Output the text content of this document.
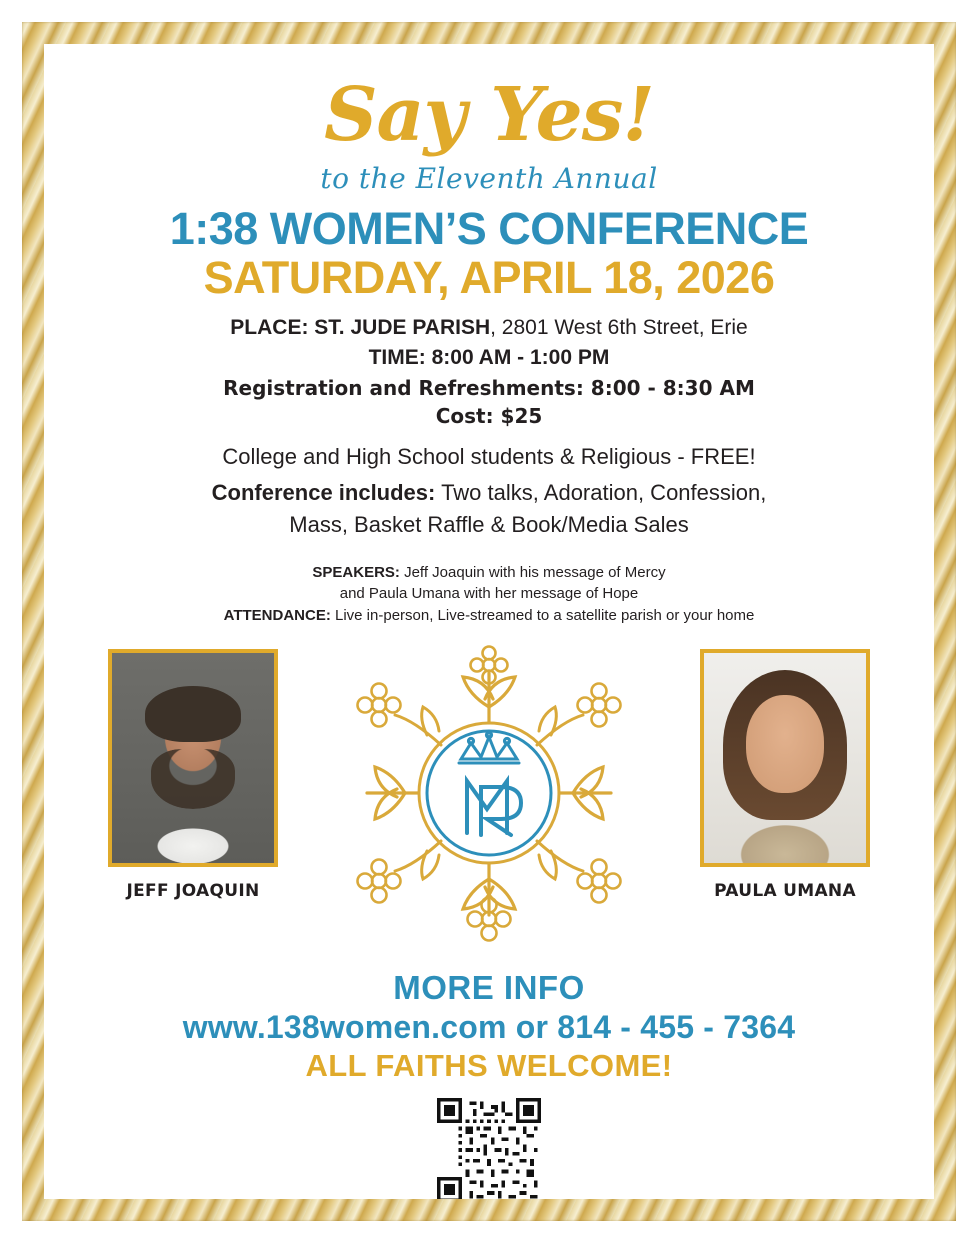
Say Yes!
to the Eleventh Annual
1:38 WOMEN’S CONFERENCE
SATURDAY, APRIL 18, 2026
PLACE: ST. JUDE PARISH, 2801 West 6th Street, Erie
TIME: 8:00 AM - 1:00 PM
Registration and Refreshments: 8:00 - 8:30 AM
Cost: $25
College and High School students & Religious - FREE!
Conference includes: Two talks, Adoration, Confession,
Mass, Basket Raffle & Book/Media Sales
SPEAKERS: Jeff Joaquin with his message of Mercy
and Paula Umana with her message of Hope
ATTENDANCE: Live in-person, Live-streamed to a satellite parish or your home
JEFF JOAQUIN	PAULA UMANA
MORE INFO
www.138women.com or 814 - 455 - 7364
ALL FAITHS WELCOME!
